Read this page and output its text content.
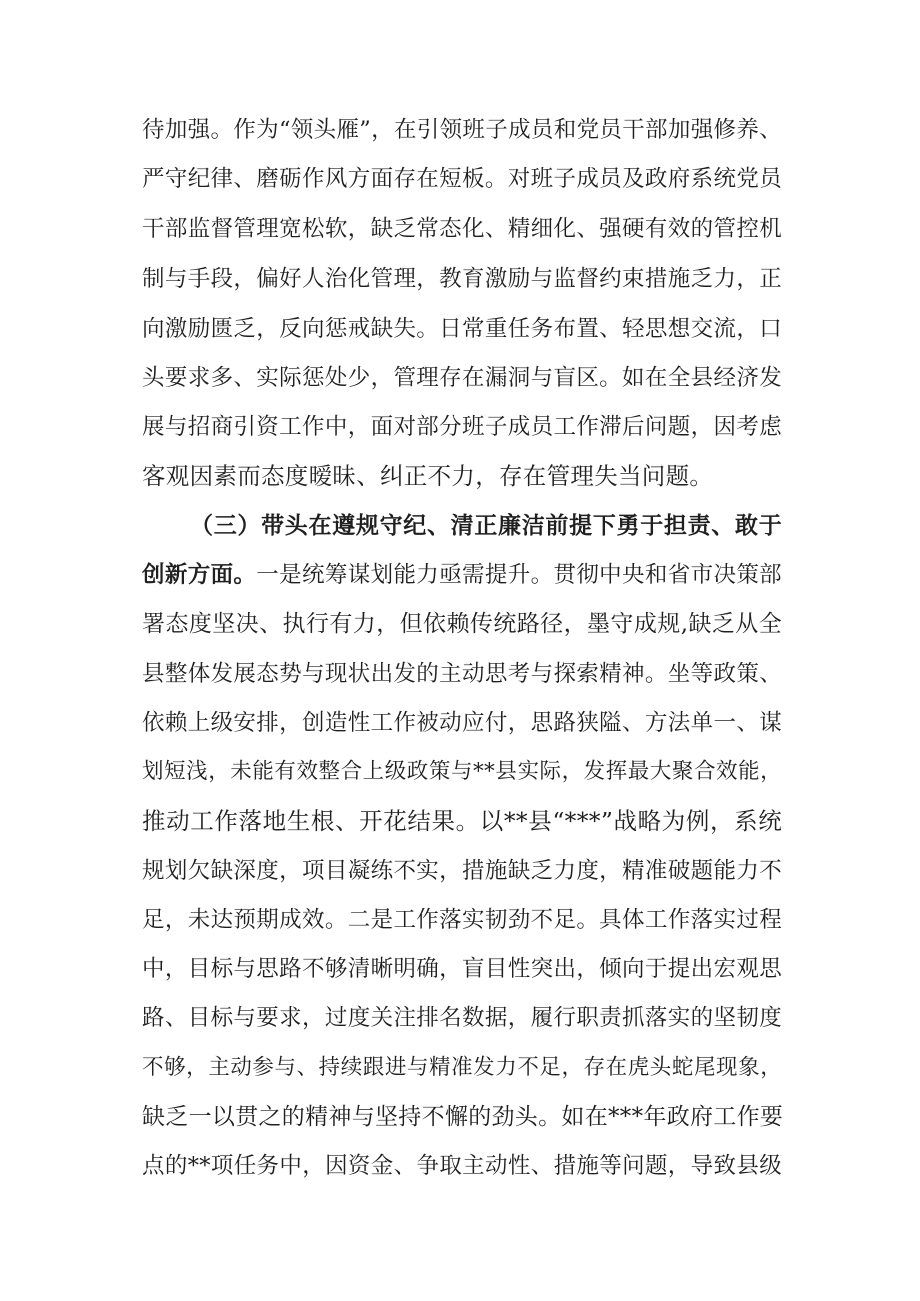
待加强。作为“领头雁”，在引领班子成员和党员干部加强修养、
严守纪律、磨砺作风方面存在短板。对班子成员及政府系统党员
干部监督管理宽松软，缺乏常态化、精细化、强硬有效的管控机
制与手段，偏好人治化管理，教育激励与监督约束措施乏力，正
向激励匮乏，反向惩戒缺失。日常重任务布置、轻思想交流，口
头要求多、实际惩处少，管理存在漏洞与盲区。如在全县经济发
展与招商引资工作中，面对部分班子成员工作滞后问题，因考虑
客观因素而态度暧昧、纠正不力，存在管理失当问题。
（三）带头在遵规守纪、清正廉洁前提下勇于担责、敢于
创新方面。一是统筹谋划能力亟需提升。贯彻中央和省市决策部
署态度坚决、执行有力，但依赖传统路径，墨守成规,缺乏从全
县整体发展态势与现状出发的主动思考与探索精神。坐等政策、
依赖上级安排，创造性工作被动应付，思路狭隘、方法单一、谋
划短浅，未能有效整合上级政策与**县实际，发挥最大聚合效能，
推动工作落地生根、开花结果。以**县“***”战略为例，系统
规划欠缺深度，项目凝练不实，措施缺乏力度，精准破题能力不
足，未达预期成效。二是工作落实韧劲不足。具体工作落实过程
中，目标与思路不够清晰明确，盲目性突出，倾向于提出宏观思
路、目标与要求，过度关注排名数据，履行职责抓落实的坚韧度
不够，主动参与、持续跟进与精准发力不足，存在虎头蛇尾现象，
缺乏一以贯之的精神与坚持不懈的劲头。如在***年政府工作要
点的**项任务中，因资金、争取主动性、措施等问题，导致县级
